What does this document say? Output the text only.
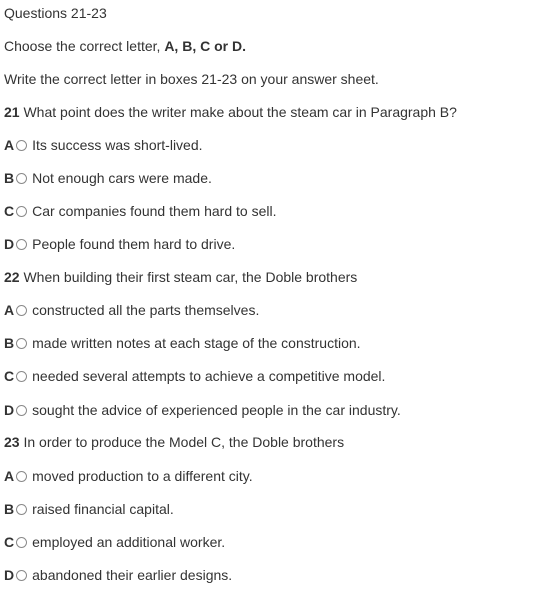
Questions 21-23
Choose the correct letter, A, B, C or D.
Write the correct letter in boxes 21-23 on your answer sheet.
21 What point does the writer make about the steam car in Paragraph B?
A Its success was short-lived.
B Not enough cars were made.
C Car companies found them hard to sell.
D People found them hard to drive.
22 When building their first steam car, the Doble brothers
A constructed all the parts themselves.
B made written notes at each stage of the construction.
C needed several attempts to achieve a competitive model.
D sought the advice of experienced people in the car industry.
23 In order to produce the Model C, the Doble brothers
A moved production to a different city.
B raised financial capital.
C employed an additional worker.
D abandoned their earlier designs.
